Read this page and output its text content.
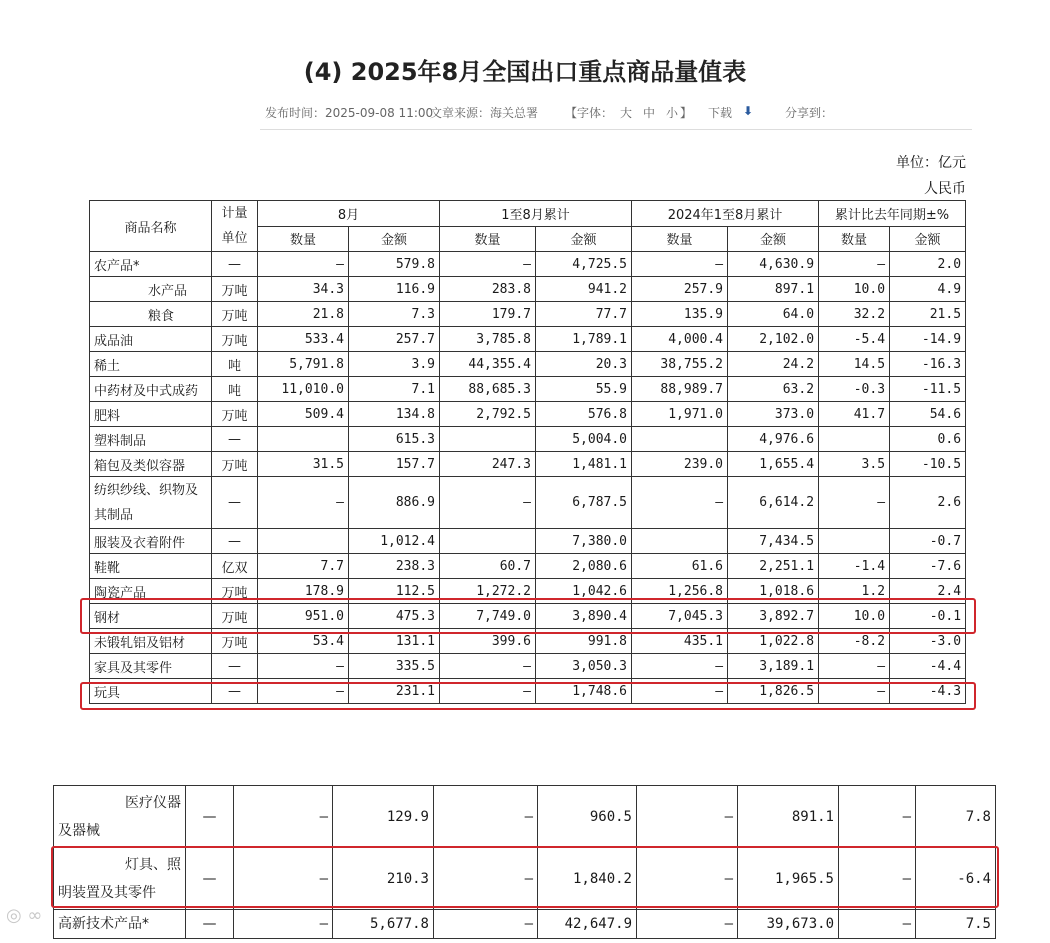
(4) 2025年8月全国出口重点商品量值表
发布时间：2025-09-08 11:00
文章来源：海关总署 【字体： 大 中 小 】 下载 ⬇	分享到：
单位：亿元
人民币
商品名称	计量单位	8月		1至8月累计		2024年1至8月累计		累计比去年同期±%	
		数量	金额	数量	金额	数量	金额	数量	金额
农产品*	—	—	579.8	—	4,725.5	—	4,630.9	—	2.0
水产品	万吨	34.3	116.9	283.8	941.2	257.9	897.1	10.0	4.9
粮食	万吨	21.8	7.3	179.7	77.7	135.9	64.0	32.2	21.5
成品油	万吨	533.4	257.7	3,785.8	1,789.1	4,000.4	2,102.0	-5.4	-14.9
稀土	吨	5,791.8	3.9	44,355.4	20.3	38,755.2	24.2	14.5	-16.3
中药材及中式成药	吨	11,010.0	7.1	88,685.3	55.9	88,989.7	63.2	-0.3	-11.5
肥料	万吨	509.4	134.8	2,792.5	576.8	1,971.0	373.0	41.7	54.6
塑料制品	—		615.3		5,004.0		4,976.6		0.6
箱包及类似容器	万吨	31.5	157.7	247.3	1,481.1	239.0	1,655.4	3.5	-10.5
纺织纱线、织物及其制品	—	—	886.9	—	6,787.5	—	6,614.2	—	2.6
服装及衣着附件	—		1,012.4		7,380.0		7,434.5		-0.7
鞋靴	亿双	7.7	238.3	60.7	2,080.6	61.6	2,251.1	-1.4	-7.6
陶瓷产品	万吨	178.9	112.5	1,272.2	1,042.6	1,256.8	1,018.6	1.2	2.4
钢材	万吨	951.0	475.3	7,749.0	3,890.4	7,045.3	3,892.7	10.0	-0.1
未锻轧铝及铝材	万吨	53.4	131.1	399.6	991.8	435.1	1,022.8	-8.2	-3.0
家具及其零件	—	—	335.5	—	3,050.3	—	3,189.1	—	-4.4
玩具	—	—	231.1	—	1,748.6	—	1,826.5	—	-4.3
医疗仪器
及器械	—	—	129.9	—	960.5	—	891.1	—	7.8

灯具、照
明装置及其零件	—	—	210.3	—	1,840.2	—	1,965.5	—	-6.4

高新技术产品*	—	—	5,677.8	—	42,647.9	—	39,673.0	—	7.5
◎ ∞
